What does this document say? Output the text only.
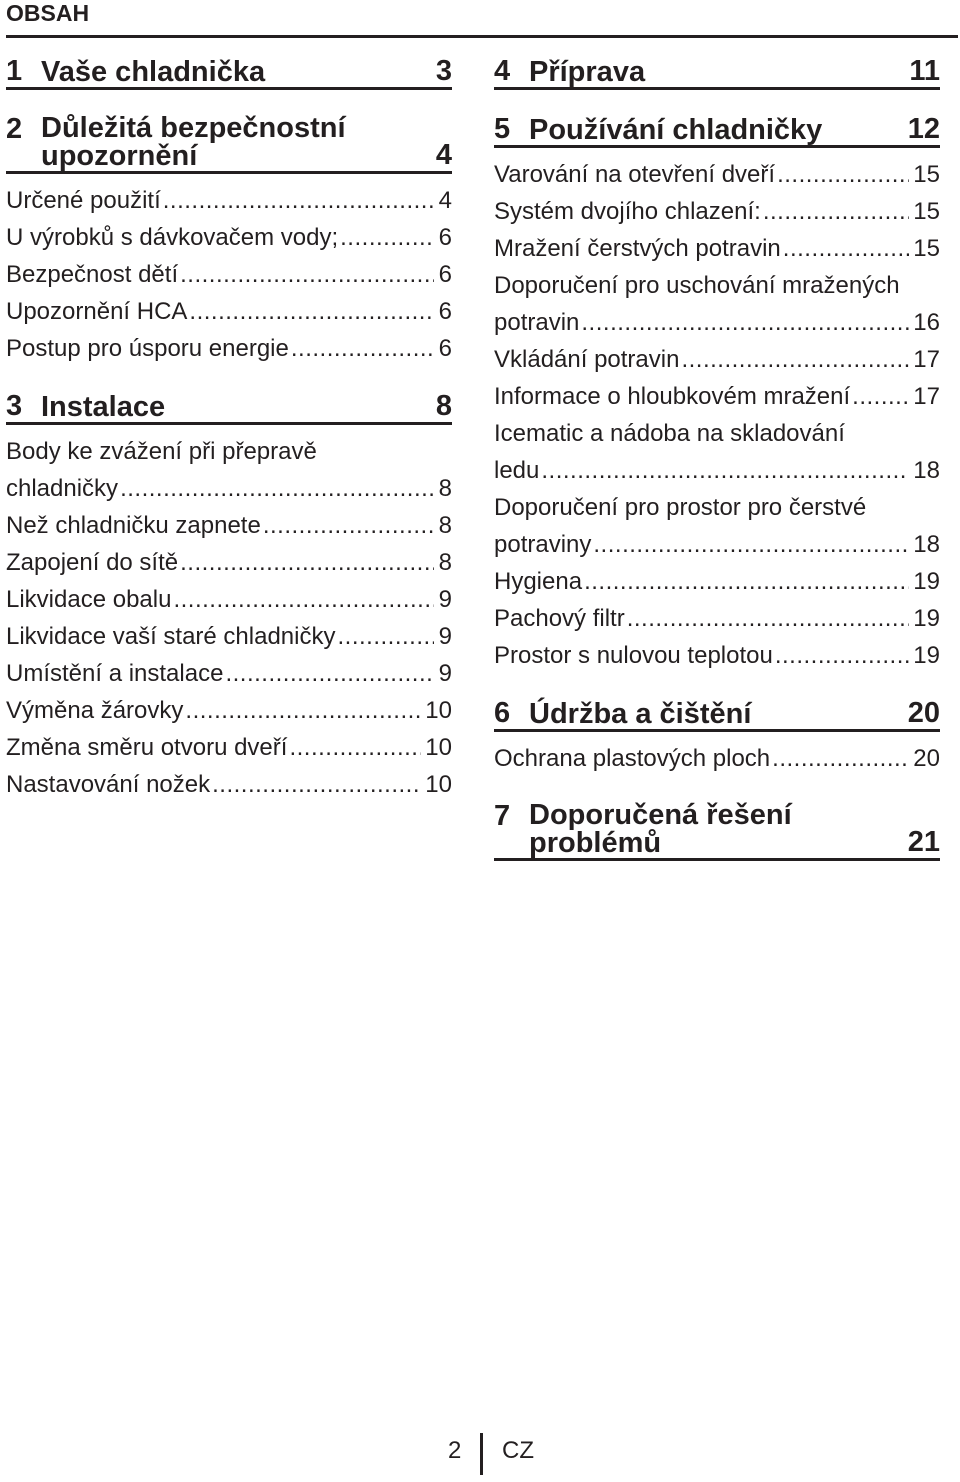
OBSAH
1 Vaše chladnička	3
2 Důležitá bezpečnostní upozornění	4
Určené použití .....	4
U výrobků s dávkovačem vody; .....	6
Bezpečnost dětí .....	6
Upozornění HCA .....	6
Postup pro úsporu energie .....	6
3 Instalace	8
Body ke zvážení při přepravě
chladničky .....	8
Než chladničku zapnete .....	8
Zapojení do sítě .....	8
Likvidace obalu .....	9
Likvidace vaší staré chladničky .....	9
Umístění a instalace .....	9
Výměna žárovky .....	10
Změna směru otvoru dveří .....	10
Nastavování nožek .....	10
4 Příprava	11
5 Používání chladničky	12
Varování na otevření dveří .....	15
Systém dvojího chlazení: .....	15
Mražení čerstvých potravin .....	15
Doporučení pro uschování mražených
potravin .....	16
Vkládání potravin .....	17
Informace o hloubkovém mražení .....	17
Icematic a nádoba na skladování
ledu .....	18
Doporučení pro prostor pro čerstvé
potraviny .....	18
Hygiena .....	19
Pachový filtr .....	19
Prostor s nulovou teplotou .....	19
6 Údržba a čištění	20
Ochrana plastových ploch .....	20
7 Doporučená řešení problémů	21
2 CZ
